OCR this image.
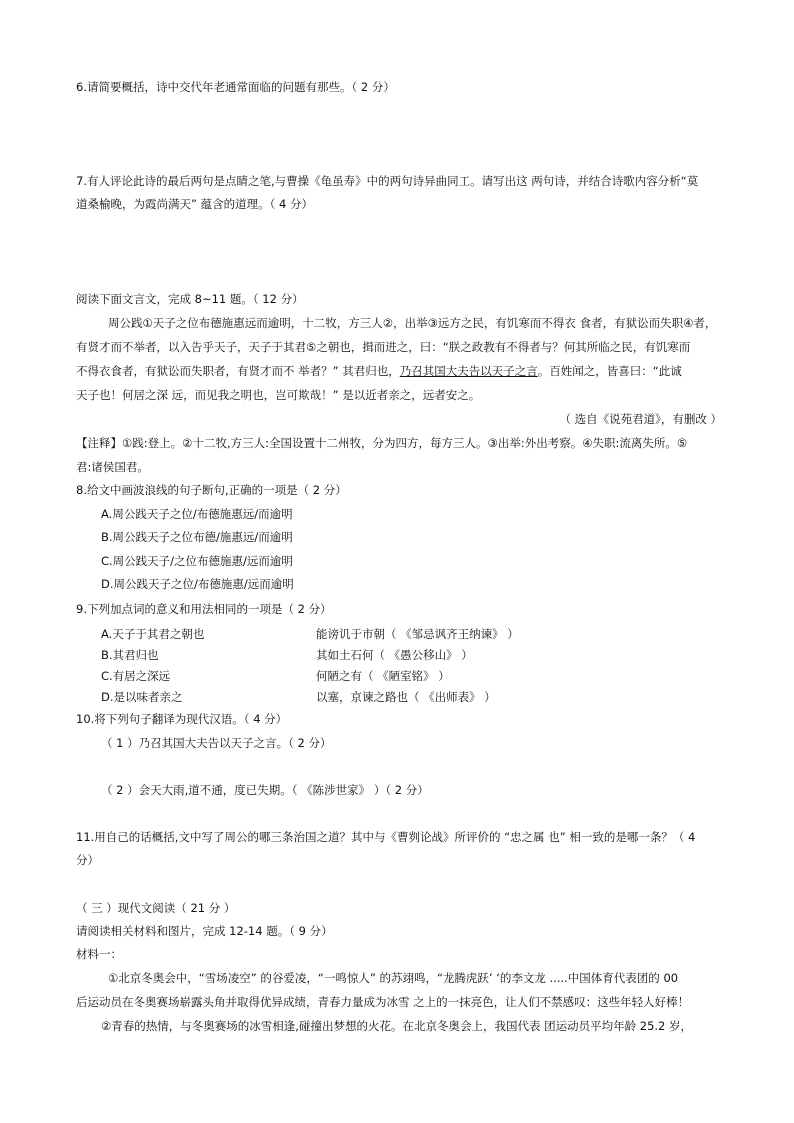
6.请简要概括，诗中交代年老通常面临的问题有那些。（ 2 分）
7.有人评论此诗的最后两句是点睛之笔,与曹操《龟虽寿》中的两句诗异曲同工。请写出这 两句诗，并结合诗歌内容分析“莫
道桑榆晚，为霞尚满天” 蕴含的道理。（ 4 分）
阅读下面文言文，完成 8~11 题。（ 12 分）
周公践①天子之位布德施惠远而逾明，十二牧，方三人②，出举③远方之民，有饥寒而不得衣 食者，有狱讼而失职④者，
有贤才而不举者，以入告乎天子，天子于其君⑤之朝也，揖而进之，曰：“朕之政教有不得者与？何其所临之民，有饥寒而
不得衣食者，有狱讼而失职者，有贤才而不 举者？” 其君归也，乃召其国大夫告以天子之言。百姓闻之，皆喜曰：“此诚
天子也！何居之深 远，而见我之明也，岂可欺哉！” 是以近者亲之，远者安之。
（ 选自《说苑君道》，有删改 ）
【注释】①践:登上。②十二牧,方三人:全国设置十二州牧，分为四方，每方三人。③出举:外出考察。④失职:流离失所。⑤
君:诸侯国君。
8.给文中画波浪线的句子断句,正确的一项是（ 2 分）
A.周公践天子之位/布德施惠远/而逾明
B.周公践天子之位布德/施惠远/而逾明
C.周公践天子/之位布德施惠/远而逾明
D.周公践天子之位/布德施惠/远而逾明
9.下列加点词的意义和用法相同的一项是（ 2 分）
A.天子于其君之朝也	能谤讥于市朝（ 《邹忌讽齐王纳谏》 ）
B.其君归也	其如土石何（ 《愚公移山》 ）
C.有居之深远	何陋之有（ 《陋室铭》 ）
D.是以味者亲之	以塞，京谏之路也（ 《出师表》 ）
10.将下列句子翻译为现代汉语。（ 4 分）
（ 1 ）乃召其国大夫告以天子之言。（ 2 分）
（ 2 ）会天大雨,道不通，度已失期。（ 《陈涉世家》 ）（ 2 分）
11.用自己的话概括,文中写了周公的哪三条治国之道？其中与《曹刿论战》所评价的 “忠之属 也” 相一致的是哪一条？（ 4
分）
（ 三 ）现代文阅读（ 21 分 ）
请阅读相关材料和图片，完成 12-14 题。（ 9 分）
材料一：
①北京冬奥会中，“雪场凌空” 的谷爱凌，“一鸣惊人” 的苏翊鸣，“龙腾虎跃’ ‘的李文龙 .....中国体育代表团的 00
后运动员在冬奥赛场崭露头角并取得优异成绩，青春力量成为冰雪 之上的一抹亮色，让人们不禁感叹：这些年轻人好棒！
②青春的热情，与冬奥赛场的冰雪相逢,碰撞出梦想的火花。在北京冬奥会上，我国代表 团运动员平均年龄 25.2 岁，
